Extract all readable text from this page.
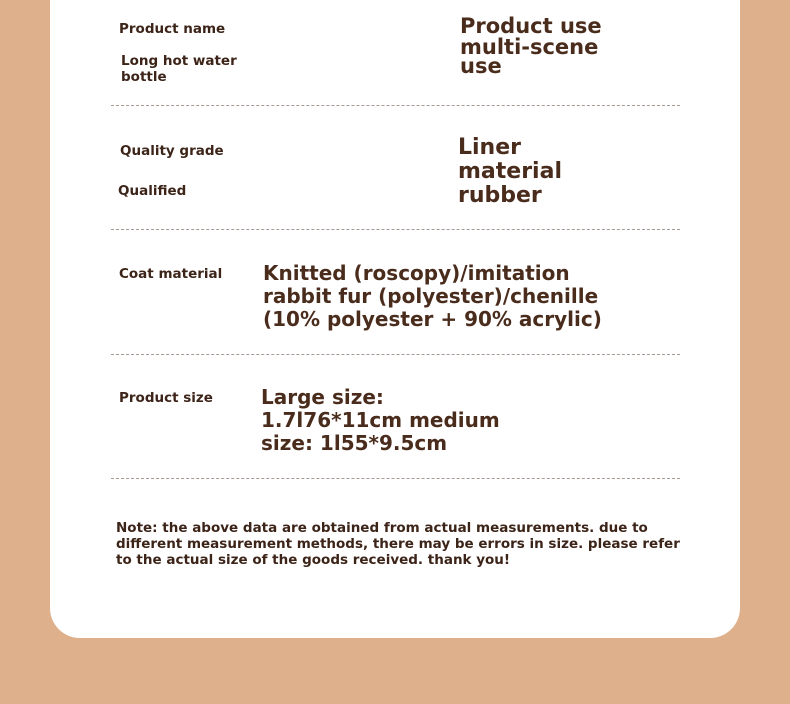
Product name
Long hot water bottle
Product use
multi-scene use
Quality grade
Qualified
Liner material
rubber
Coat material Knitted (roscopy)/imitation rabbit fur (polyester)/chenille (10% polyester + 90% acrylic)
Product size Large size: 1.7l76*11cm medium size: 1l55*9.5cm
Note: the above data are obtained from actual measurements. due to different measurement methods, there may be errors in size. please refer to the actual size of the goods received. thank you!
